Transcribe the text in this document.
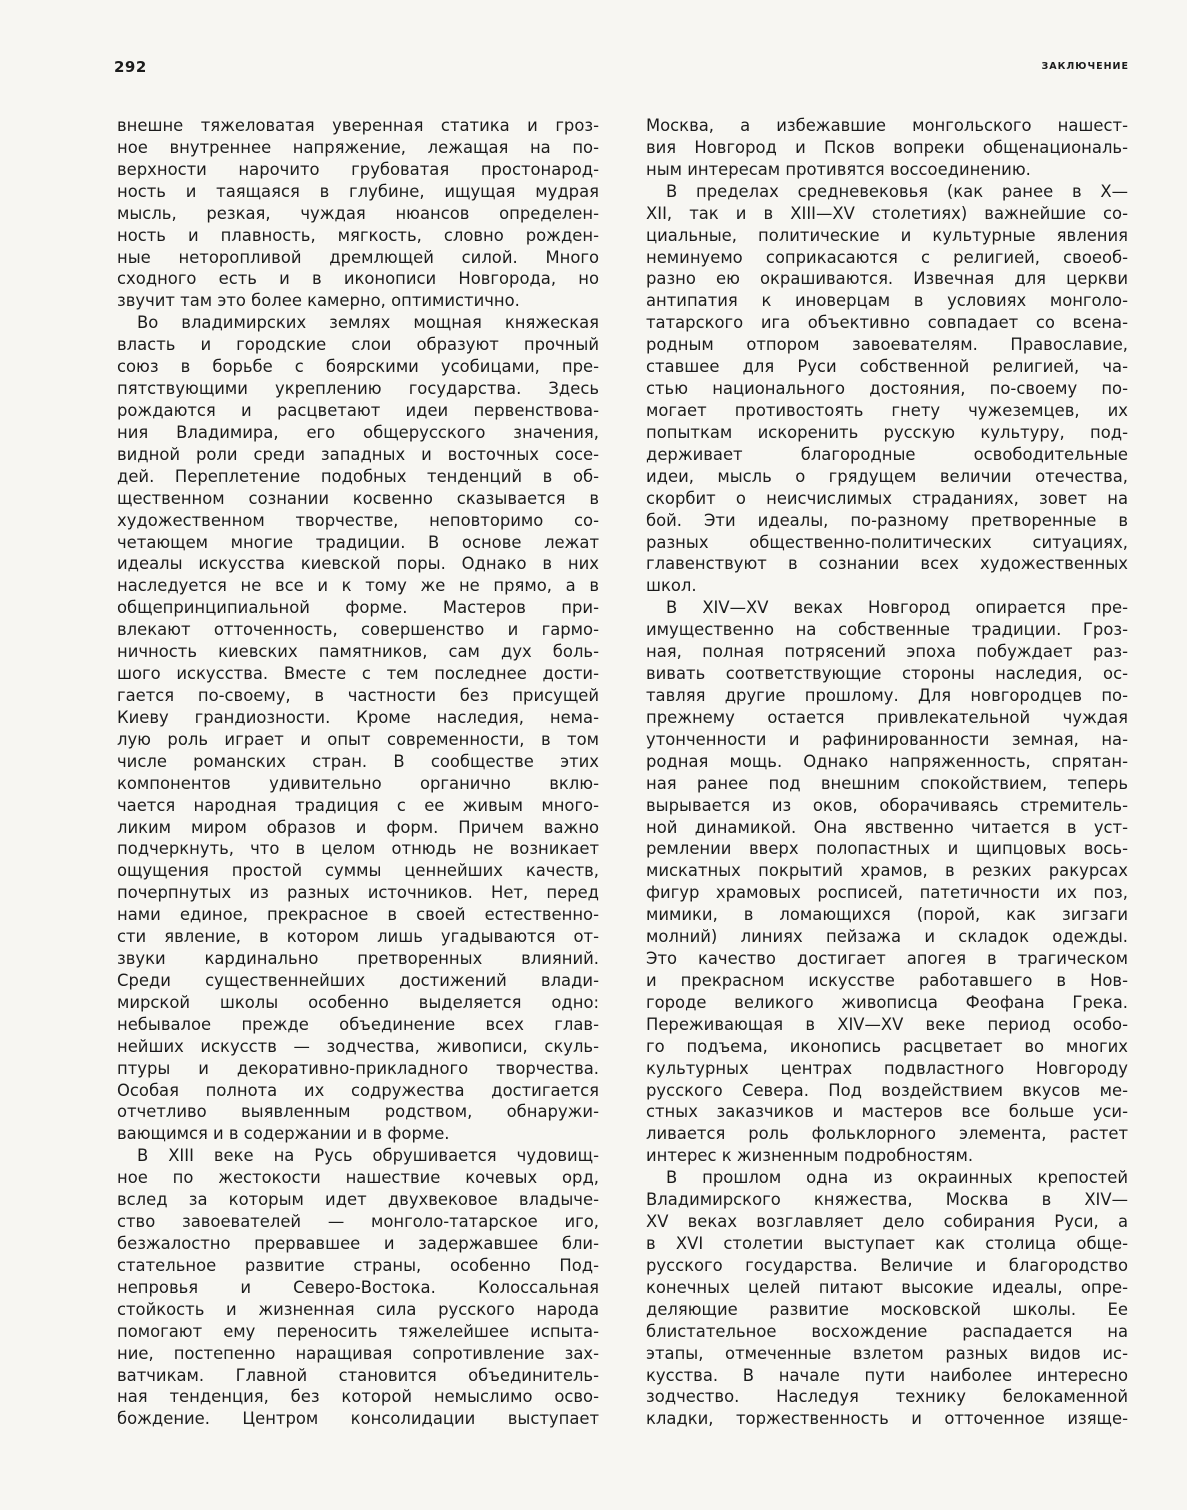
292	ЗАКЛЮЧЕНИЕ
внешне тяжеловатая уверенная статика и гроз-
ное внутреннее напряжение, лежащая на по-
верхности нарочито грубоватая простонарод-
ность и таящаяся в глубине, ищущая мудрая
мысль, резкая, чуждая нюансов определен-
ность и плавность, мягкость, словно рожден-
ные неторопливой дремлющей силой. Много
сходного есть и в иконописи Новгорода, но
звучит там это более камерно, оптимистично.
Во владимирских землях мощная княжеская
власть и городские слои образуют прочный
союз в борьбе с боярскими усобицами, пре-
пятствующими укреплению государства. Здесь
рождаются и расцветают идеи первенствова-
ния Владимира, его общерусского значения,
видной роли среди западных и восточных сосе-
дей. Переплетение подобных тенденций в об-
щественном сознании косвенно сказывается в
художественном творчестве, неповторимо со-
четающем многие традиции. В основе лежат
идеалы искусства киевской поры. Однако в них
наследуется не все и к тому же не прямо, а в
общепринципиальной форме. Мастеров при-
влекают отточенность, совершенство и гармо-
ничность киевских памятников, сам дух боль-
шого искусства. Вместе с тем последнее дости-
гается по-своему, в частности без присущей
Киеву грандиозности. Кроме наследия, нема-
лую роль играет и опыт современности, в том
числе романских стран. В сообществе этих
компонентов удивительно органично вклю-
чается народная традиция с ее живым много-
ликим миром образов и форм. Причем важно
подчеркнуть, что в целом отнюдь не возникает
ощущения простой суммы ценнейших качеств,
почерпнутых из разных источников. Нет, перед
нами единое, прекрасное в своей естественно-
сти явление, в котором лишь угадываются от-
звуки кардинально претворенных влияний.
Среди существеннейших достижений влади-
мирской школы особенно выделяется одно:
небывалое прежде объединение всех глав-
нейших искусств — зодчества, живописи, скуль-
птуры и декоративно-прикладного творчества.
Особая полнота их содружества достигается
отчетливо выявленным родством, обнаружи-
вающимся и в содержании и в форме.
В XIII веке на Русь обрушивается чудовищ-
ное по жестокости нашествие кочевых орд,
вслед за которым идет двухвековое владыче-
ство завоевателей — монголо-татарское иго,
безжалостно прервавшее и задержавшее бли-
стательное развитие страны, особенно Под-
непровья и Северо-Востока. Колоссальная
стойкость и жизненная сила русского народа
помогают ему переносить тяжелейшее испыта-
ние, постепенно наращивая сопротивление зах-
ватчикам. Главной становится объединитель-
ная тенденция, без которой немыслимо осво-
бождение. Центром консолидации выступает
Москва, а избежавшие монгольского нашест-
вия Новгород и Псков вопреки общенациональ-
ным интересам противятся воссоединению.
В пределах средневековья (как ранее в X—
XII, так и в XIII—XV столетиях) важнейшие со-
циальные, политические и культурные явления
неминуемо соприкасаются с религией, своеоб-
разно ею окрашиваются. Извечная для церкви
антипатия к иноверцам в условиях монголо-
татарского ига объективно совпадает со всена-
родным отпором завоевателям. Православие,
ставшее для Руси собственной религией, ча-
стью национального достояния, по-своему по-
могает противостоять гнету чужеземцев, их
попыткам искоренить русскую культуру, под-
держивает благородные освободительные
идеи, мысль о грядущем величии отечества,
скорбит о неисчислимых страданиях, зовет на
бой. Эти идеалы, по-разному претворенные в
разных общественно-политических ситуациях,
главенствуют в сознании всех художественных
школ.
В XIV—XV веках Новгород опирается пре-
имущественно на собственные традиции. Гроз-
ная, полная потрясений эпоха побуждает раз-
вивать соответствующие стороны наследия, ос-
тавляя другие прошлому. Для новгородцев по-
прежнему остается привлекательной чуждая
утонченности и рафинированности земная, на-
родная мощь. Однако напряженность, спрятан-
ная ранее под внешним спокойствием, теперь
вырывается из оков, оборачиваясь стремитель-
ной динамикой. Она явственно читается в уст-
ремлении вверх полопастных и щипцовых вось-
мискатных покрытий храмов, в резких ракурсах
фигур храмовых росписей, патетичности их поз,
мимики, в ломающихся (порой, как зигзаги
молний) линиях пейзажа и складок одежды.
Это качество достигает апогея в трагическом
и прекрасном искусстве работавшего в Нов-
городе великого живописца Феофана Грека.
Переживающая в XIV—XV веке период особо-
го подъема, иконопись расцветает во многих
культурных центрах подвластного Новгороду
русского Севера. Под воздействием вкусов ме-
стных заказчиков и мастеров все больше уси-
ливается роль фольклорного элемента, растет
интерес к жизненным подробностям.
В прошлом одна из окраинных крепостей
Владимирского княжества, Москва в XIV—
XV веках возглавляет дело собирания Руси, а
в XVI столетии выступает как столица обще-
русского государства. Величие и благородство
конечных целей питают высокие идеалы, опре-
деляющие развитие московской школы. Ее
блистательное восхождение распадается на
этапы, отмеченные взлетом разных видов ис-
кусства. В начале пути наиболее интересно
зодчество. Наследуя технику белокаменной
кладки, торжественность и отточенное изяще-
